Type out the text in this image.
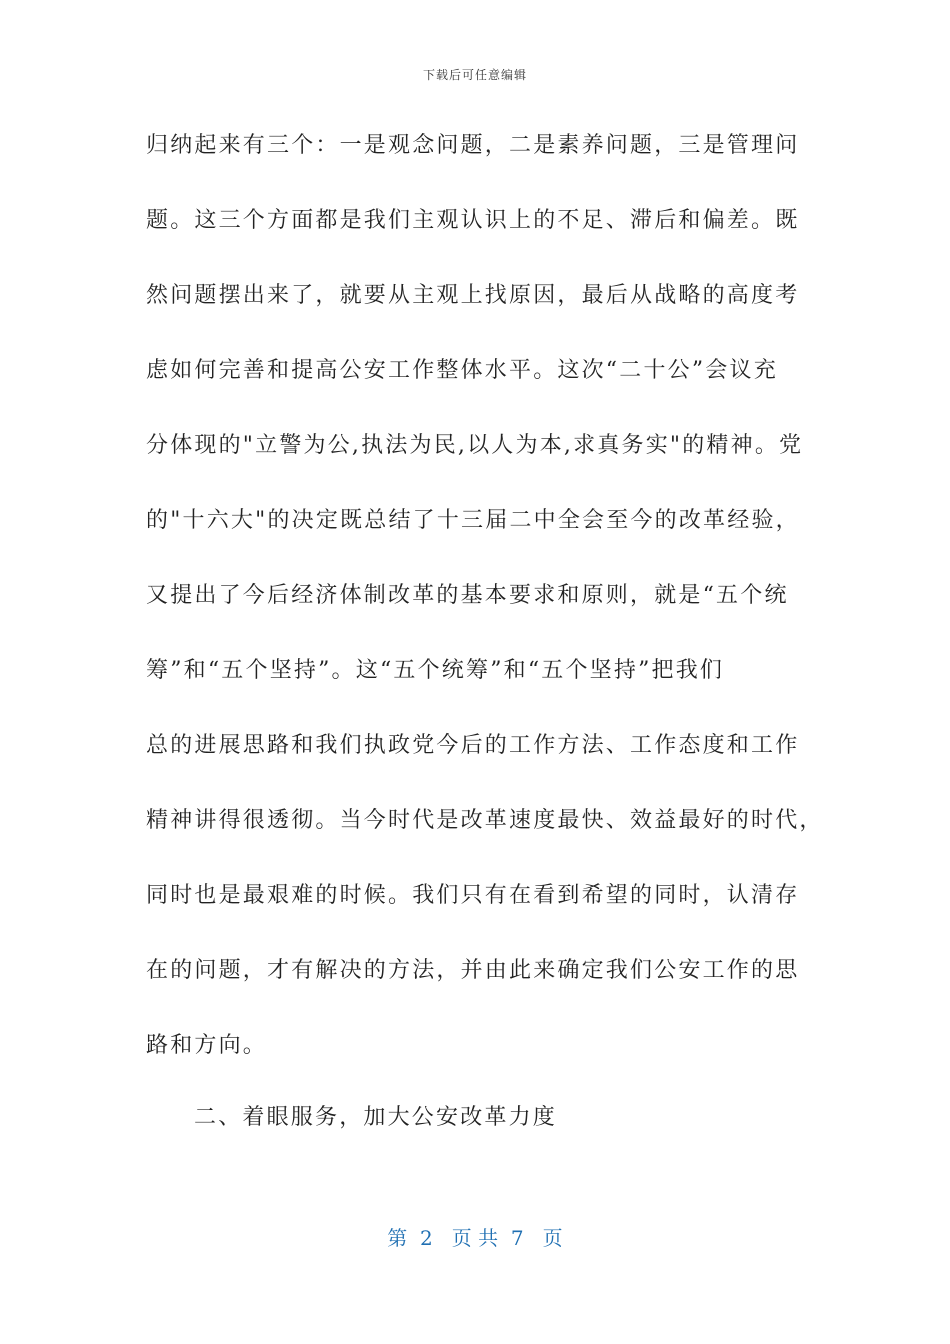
下载后可任意编辑
归纳起来有三个：一是观念问题，二是素养问题，三是管理问
题。这三个方面都是我们主观认识上的不足、滞后和偏差。既
然问题摆出来了，就要从主观上找原因，最后从战略的高度考
虑如何完善和提高公安工作整体水平。这次“二十公”会议充
分体现的"立警为公,执法为民,以人为本,求真务实"的精神。党
的"十六大"的决定既总结了十三届二中全会至今的改革经验，
又提出了今后经济体制改革的基本要求和原则，就是“五个统
筹”和“五个坚持”。这“五个统筹”和“五个坚持”把我们
总的进展思路和我们执政党今后的工作方法、工作态度和工作
精神讲得很透彻。当今时代是改革速度最快、效益最好的时代，
同时也是最艰难的时候。我们只有在看到希望的同时，认清存
在的问题，才有解决的方法，并由此来确定我们公安工作的思
路和方向。
二、着眼服务，加大公安改革力度
第  2   页 共  7   页
